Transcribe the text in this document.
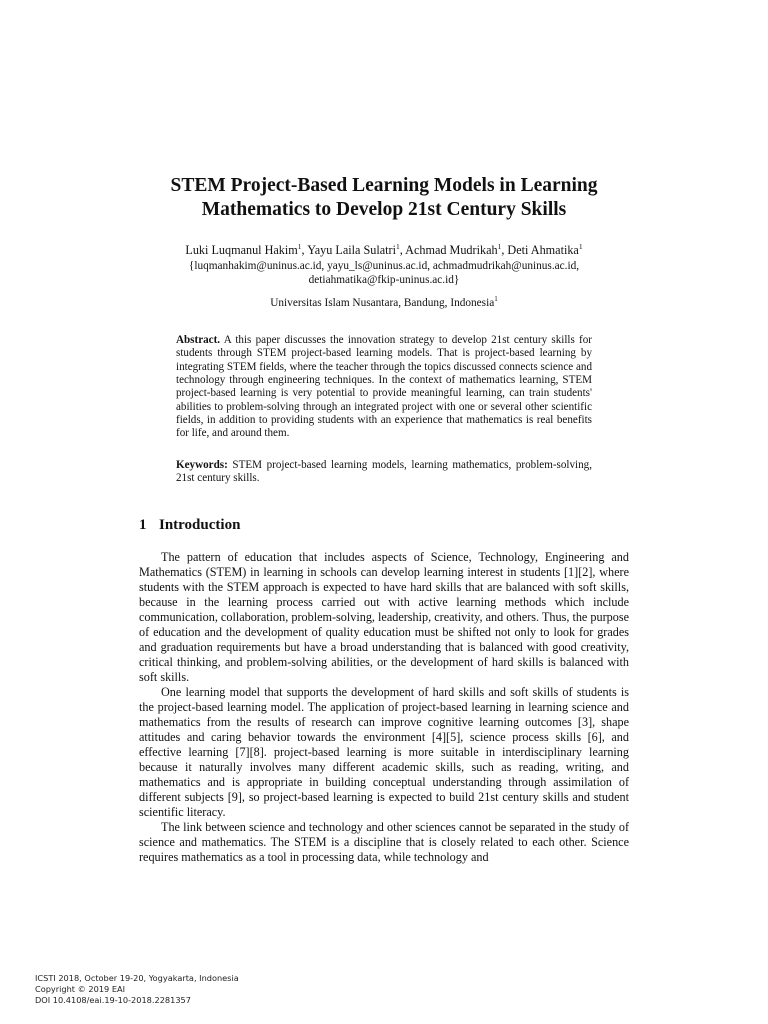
STEM Project-Based Learning Models in Learning
Mathematics to Develop 21st Century Skills
Luki Luqmanul Hakim$^1$, Yayu Laila Sulatri$^1$, Achmad Mudrikah$^1$, Deti Ahmatika$^1$
{luqmanhakim@uninus.ac.id, yayu_ls@uninus.ac.id, achmadmudrikah@uninus.ac.id,
detiahmatika@fkip-uninus.ac.id}
Universitas Islam Nusantara, Bandung, Indonesia$^1$
Abstract. A this paper discusses the innovation strategy to develop 21st century skills for students through STEM project-based learning models. That is project-based learning by integrating STEM fields, where the teacher through the topics discussed connects science and technology through engineering techniques. In the context of mathematics learning, STEM project-based learning is very potential to provide meaningful learning, can train students' abilities to problem-solving through an integrated project with one or several other scientific fields, in addition to providing students with an experience that mathematics is real benefits for life, and around them.
Keywords: STEM project-based learning models, learning mathematics, problem-solving, 21st century skills.
1 Introduction

The pattern of education that includes aspects of Science, Technology, Engineering and Mathematics (STEM) in learning in schools can develop learning interest in students [1][2], where students with the STEM approach is expected to have hard skills that are balanced with soft skills, because in the learning process carried out with active learning methods which include communication, collaboration, problem-solving, leadership, creativity, and others. Thus, the purpose of education and the development of quality education must be shifted not only to look for grades and graduation requirements but have a broad understanding that is balanced with good creativity, critical thinking, and problem-solving abilities, or the development of hard skills is balanced with soft skills.

One learning model that supports the development of hard skills and soft skills of students is the project-based learning model. The application of project-based learning in learning science and mathematics from the results of research can improve cognitive learning outcomes [3], shape attitudes and caring behavior towards the environment [4][5], science process skills [6], and effective learning [7][8]. project-based learning is more suitable in interdisciplinary learning because it naturally involves many different academic skills, such as reading, writing, and mathematics and is appropriate in building conceptual understanding through assimilation of different subjects [9], so project-based learning is expected to build 21st century skills and student scientific literacy.

The link between science and technology and other sciences cannot be separated in the study of science and mathematics. The STEM is a discipline that is closely related to each other. Science requires mathematics as a tool in processing data, while technology and

ICSTI 2018, October 19-20, Yogyakarta, Indonesia
Copyright © 2019 EAI
DOI 10.4108/eai.19-10-2018.2281357
